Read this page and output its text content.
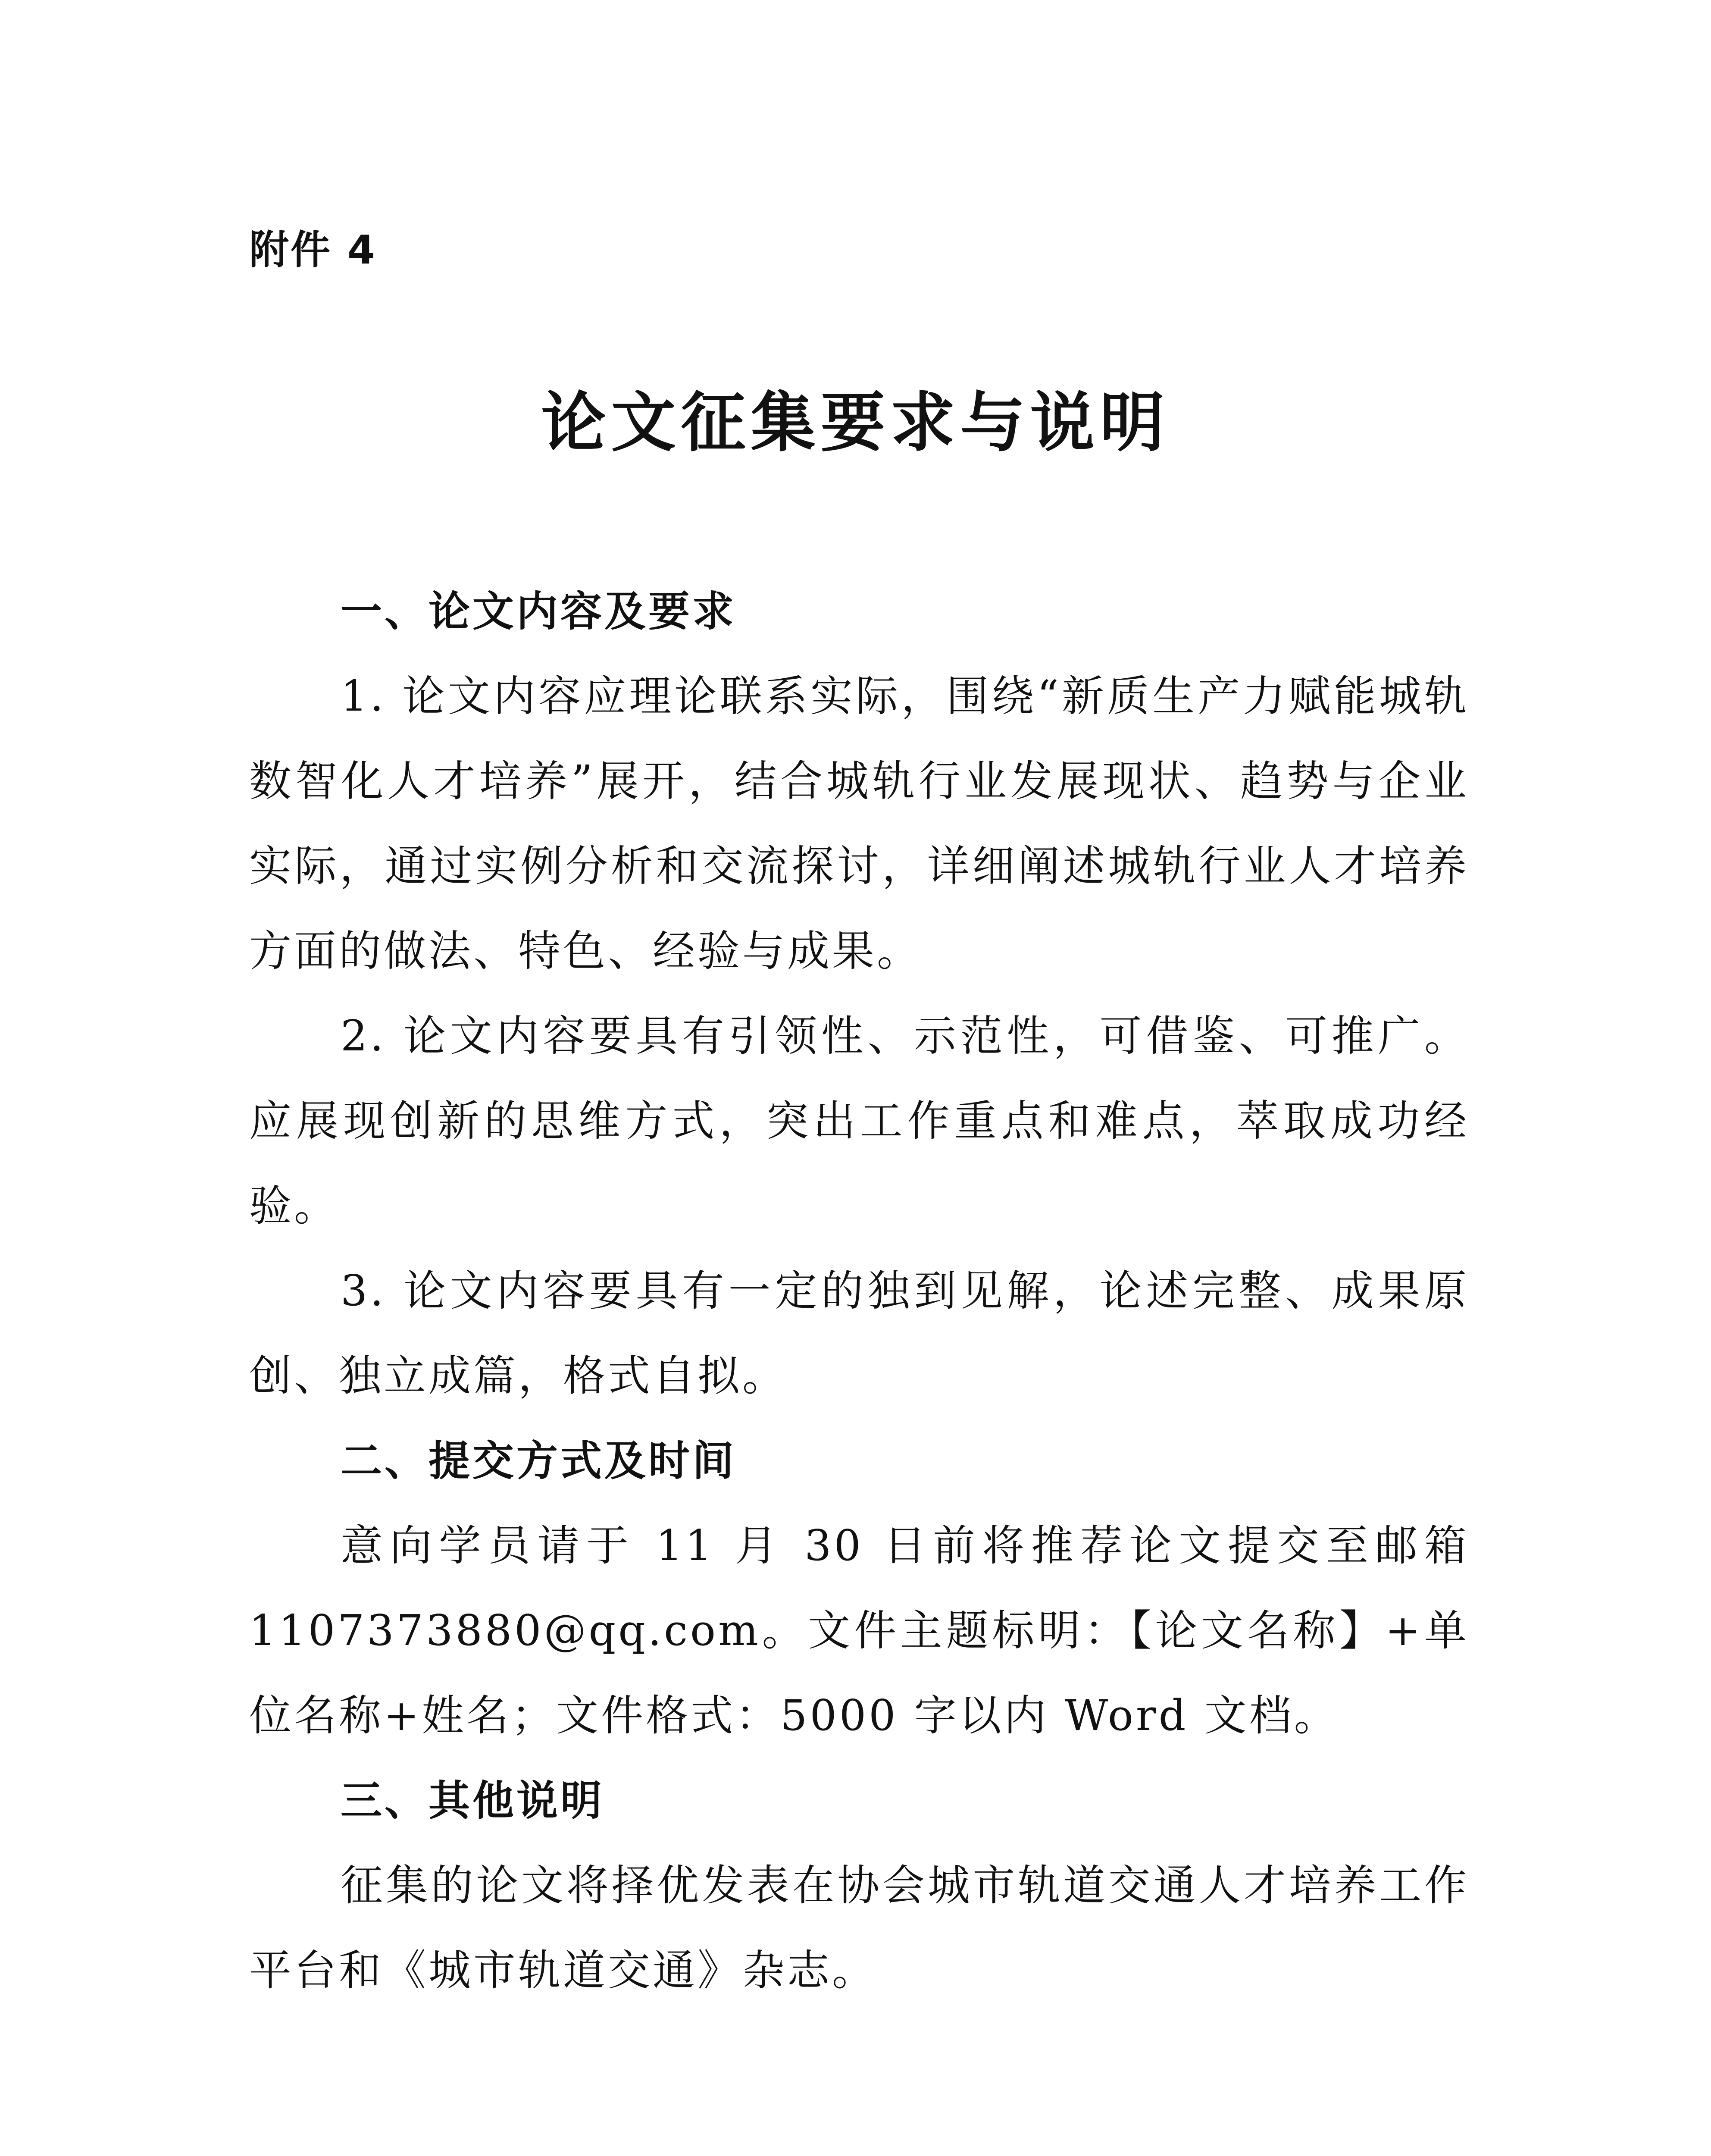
附件 4
论文征集要求与说明
一、论文内容及要求

1. 论文内容应理论联系实际，围绕“新质生产力赋能城轨数智化人才培养”展开，结合城轨行业发展现状、趋势与企业实际，通过实例分析和交流探讨，详细阐述城轨行业人才培养方面的做法、特色、经验与成果。

2. 论文内容要具有引领性、示范性，可借鉴、可推广。应展现创新的思维方式，突出工作重点和难点，萃取成功经验。

3. 论文内容要具有一定的独到见解，论述完整、成果原创、独立成篇，格式自拟。

二、提交方式及时间

意向学员请于 11 月 30 日前将推荐论文提交至邮箱 1107373880@qq.com。文件主题标明：【论文名称】+单位名称+姓名；文件格式：5000 字以内 Word 文档。

三、其他说明

征集的论文将择优发表在协会城市轨道交通人才培养工作平台和《城市轨道交通》杂志。
